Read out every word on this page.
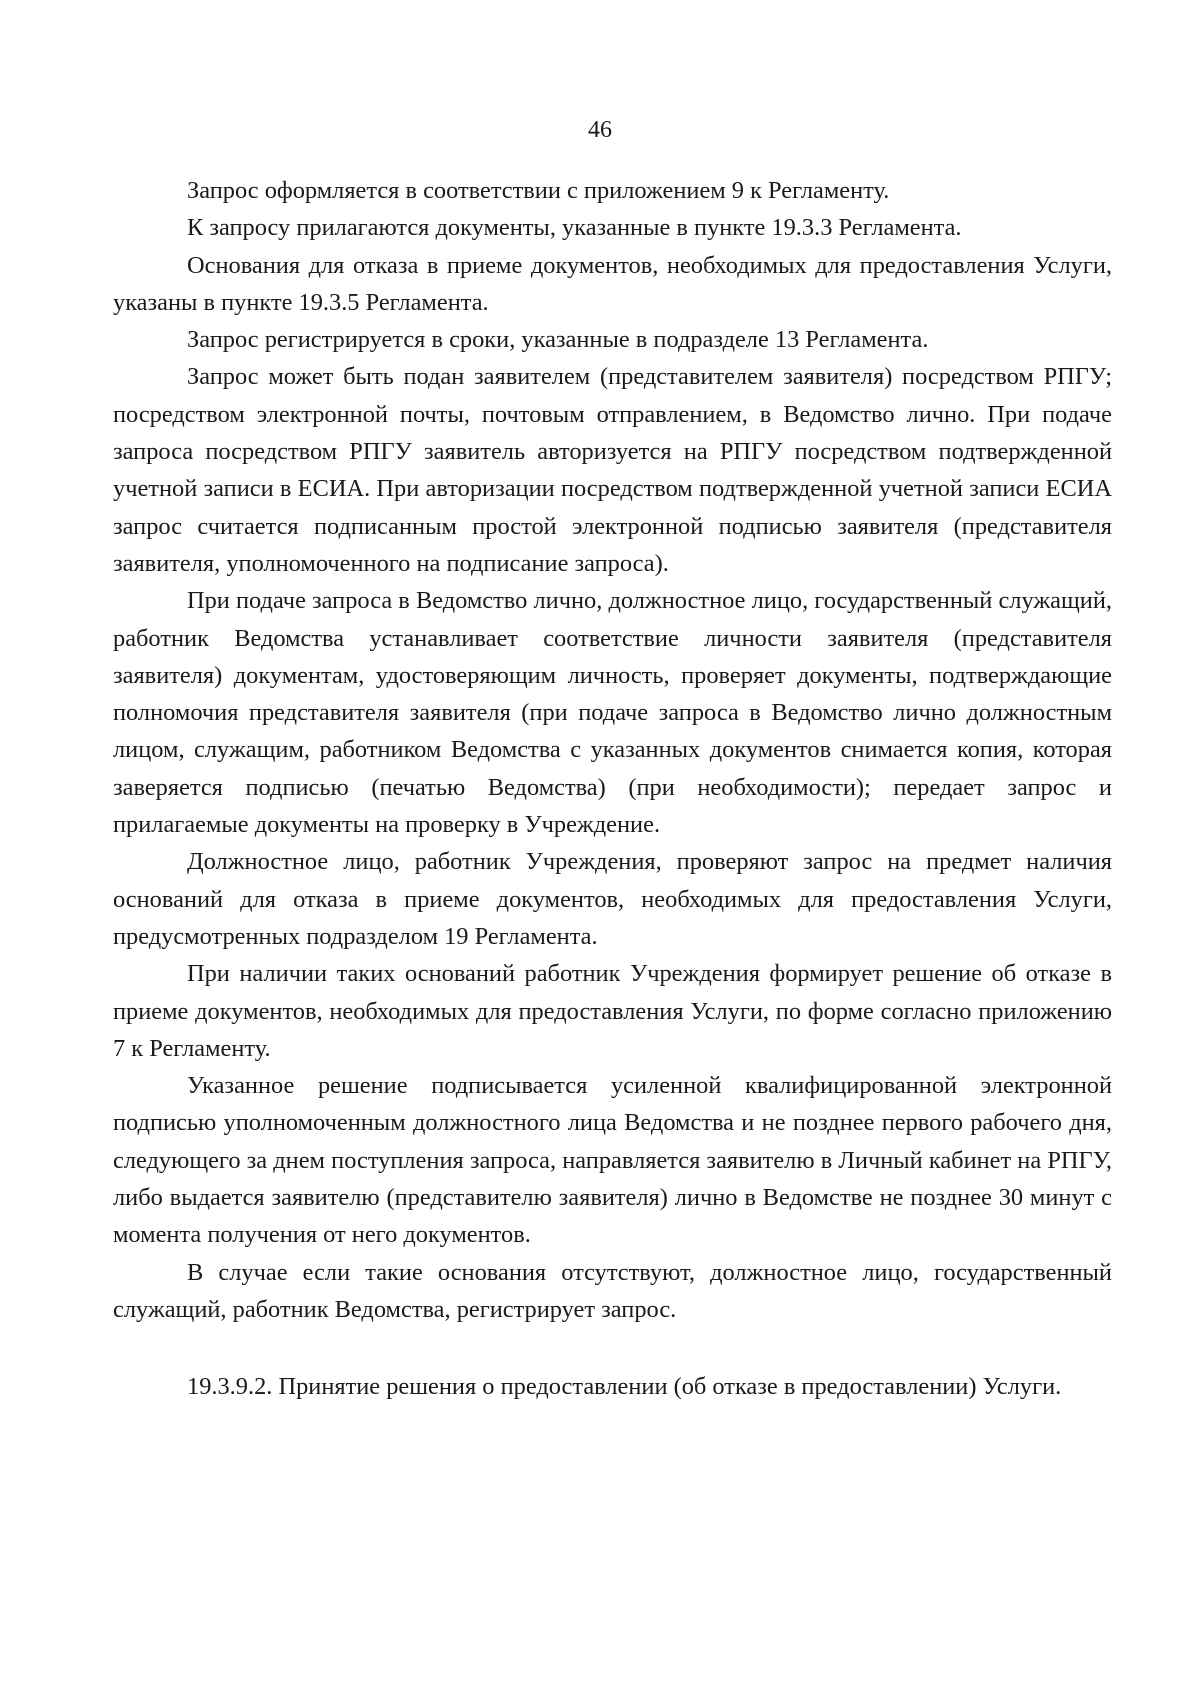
46

Запрос оформляется в соответствии с приложением 9 к Регламенту.

К запросу прилагаются документы, указанные в пункте 19.3.3 Регламента.

Основания для отказа в приеме документов, необходимых для предоставления Услуги, указаны в пункте 19.3.5 Регламента.

Запрос регистрируется в сроки, указанные в подразделе 13 Регламента.

Запрос может быть подан заявителем (представителем заявителя) посредством РПГУ; посредством электронной почты, почтовым отправлением, в Ведомство лично. При подаче запроса посредством РПГУ заявитель авторизуется на РПГУ посредством подтвержденной учетной записи в ЕСИА. При авторизации посредством подтвержденной учетной записи ЕСИА запрос считается подписанным простой электронной подписью заявителя (представителя заявителя, уполномоченного на подписание запроса).

При подаче запроса в Ведомство лично, должностное лицо, государственный служащий, работник Ведомства устанавливает соответствие личности заявителя (представителя заявителя) документам, удостоверяющим личность, проверяет документы, подтверждающие полномочия представителя заявителя (при подаче запроса в Ведомство лично должностным лицом, служащим, работником Ведомства с указанных документов снимается копия, которая заверяется подписью (печатью Ведомства) (при необходимости); передает запрос и прилагаемые документы на проверку в Учреждение.

Должностное лицо, работник Учреждения, проверяют запрос на предмет наличия оснований для отказа в приеме документов, необходимых для предоставления Услуги, предусмотренных подразделом 19 Регламента.

При наличии таких оснований работник Учреждения формирует решение об отказе в приеме документов, необходимых для предоставления Услуги, по форме согласно приложению 7 к Регламенту.

Указанное решение подписывается усиленной квалифицированной электронной подписью уполномоченным должностного лица Ведомства и не позднее первого рабочего дня, следующего за днем поступления запроса, направляется заявителю в Личный кабинет на РПГУ, либо выдается заявителю (представителю заявителя) лично в Ведомстве не позднее 30 минут с момента получения от него документов.

В случае если такие основания отсутствуют, должностное лицо, государственный служащий, работник Ведомства, регистрирует запрос.

19.3.9.2. Принятие решения о предоставлении (об отказе в предоставлении) Услуги.
